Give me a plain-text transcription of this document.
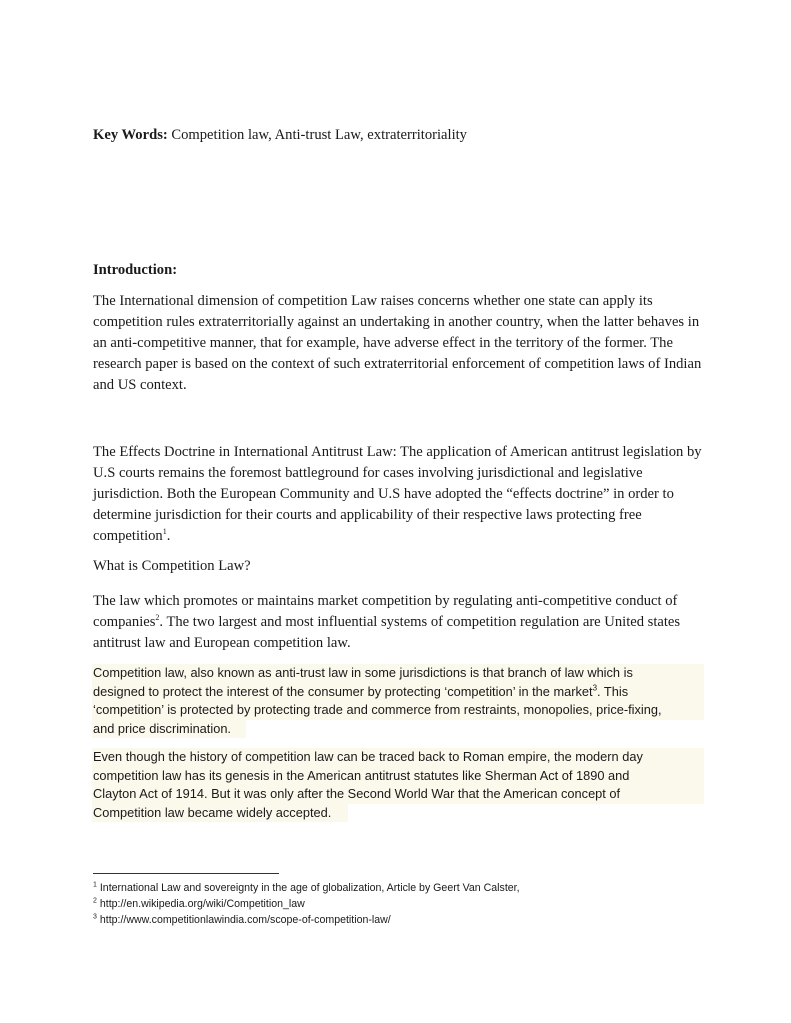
Key Words: Competition law, Anti-trust Law, extraterritoriality

Introduction:

The International dimension of competition Law raises concerns whether one state can apply its competition rules extraterritorially against an undertaking in another country, when the latter behaves in an anti-competitive manner, that for example, have adverse effect in the territory of the former. The research paper is based on the context of such extraterritorial enforcement of competition laws of Indian and US context.

The Effects Doctrine in International Antitrust Law: The application of American antitrust legislation by U.S courts remains the foremost battleground for cases involving jurisdictional and legislative jurisdiction. Both the European Community and U.S have adopted the “effects doctrine” in order to determine jurisdiction for their courts and applicability of their respective laws protecting free competition$^1$.

What is Competition Law?

The law which promotes or maintains market competition by regulating anti-competitive conduct of companies$^2$. The two largest and most influential systems of competition regulation are United states antitrust law and European competition law.

Competition law, also known as anti-trust law in some jurisdictions is that branch of law which is
designed to protect the interest of the consumer by protecting ‘competition’ in the market$^3$. This
‘competition’ is protected by protecting trade and commerce from restraints, monopolies, price-fixing,
and price discrimination.
Even though the history of competition law can be traced back to Roman empire, the modern day
competition law has its genesis in the American antitrust statutes like Sherman Act of 1890 and
Clayton Act of 1914. But it was only after the Second World War that the American concept of
Competition law became widely accepted.
$^1$ International Law and sovereignty in the age of globalization, Article by Geert Van Calster,
$^2$ http://en.wikipedia.org/wiki/Competition_law
$^3$ http://www.competitionlawindia.com/scope-of-competition-law/
